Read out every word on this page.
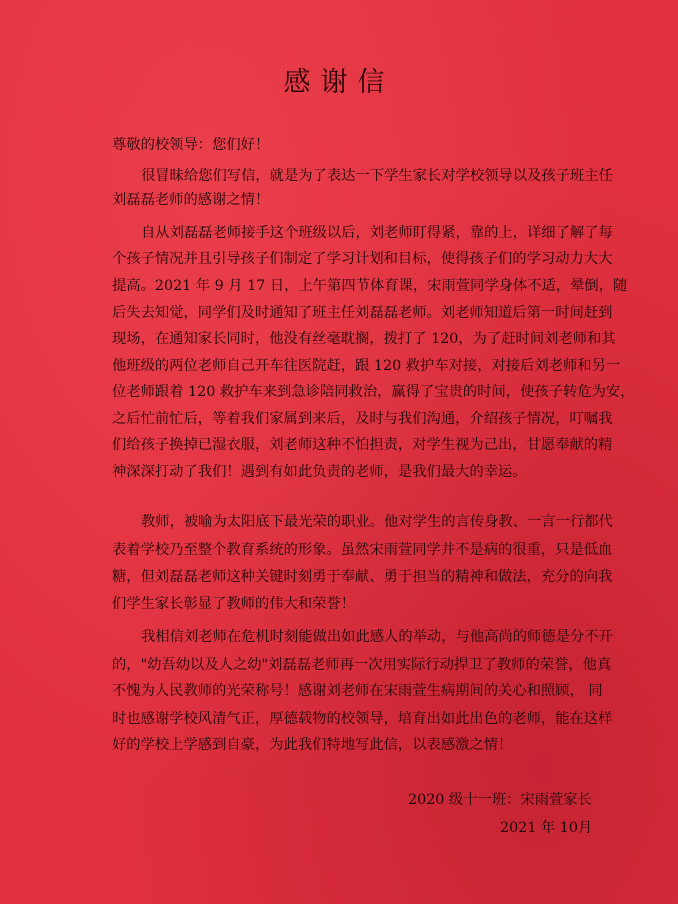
感谢信
尊敬的校领导：您们好！
很冒昧给您们写信，就是为了表达一下学生家长对学校领导以及孩子班主任
刘磊磊老师的感谢之情！
自从刘磊磊老师接手这个班级以后，刘老师盯得紧，靠的上，详细了解了每
个孩子情况并且引导孩子们制定了学习计划和目标，使得孩子们的学习动力大大
提高。2021 年 9 月 17 日，上午第四节体育课，宋雨萱同学身体不适，晕倒，随
后失去知觉，同学们及时通知了班主任刘磊磊老师。刘老师知道后第一时间赶到
现场，在通知家长同时，他没有丝毫耽搁，拨打了 120，为了赶时间刘老师和其
他班级的两位老师自己开车往医院赶，跟 120 救护车对接，对接后刘老师和另一
位老师跟着 120 救护车来到急诊陪同救治，赢得了宝贵的时间，使孩子转危为安，
之后忙前忙后，等着我们家属到来后，及时与我们沟通，介绍孩子情况，叮嘱我
们给孩子换掉已湿衣服，刘老师这种不怕担责，对学生视为己出，甘愿奉献的精
神深深打动了我们！遇到有如此负责的老师，是我们最大的幸运。
教师，被喻为太阳底下最光荣的职业。他对学生的言传身教、一言一行都代
表着学校乃至整个教育系统的形象。虽然宋雨萱同学并不是病的很重，只是低血
糖，但刘磊磊老师这种关键时刻勇于奉献、勇于担当的精神和做法，充分的向我
们学生家长彰显了教师的伟大和荣誉！
我相信刘老师在危机时刻能做出如此感人的举动，与他高尚的师德是分不开
的，"幼吾幼以及人之幼"刘磊磊老师再一次用实际行动捍卫了教师的荣誉，他真
不愧为人民教师的光荣称号！感谢刘老师在宋雨萱生病期间的关心和照顾， 同
时也感谢学校风清气正，厚德载物的校领导，培育出如此出色的老师，能在这样
好的学校上学感到自豪，为此我们特地写此信，以表感激之情！
2020 级十一班：宋雨萱家长
2021 年 10月
